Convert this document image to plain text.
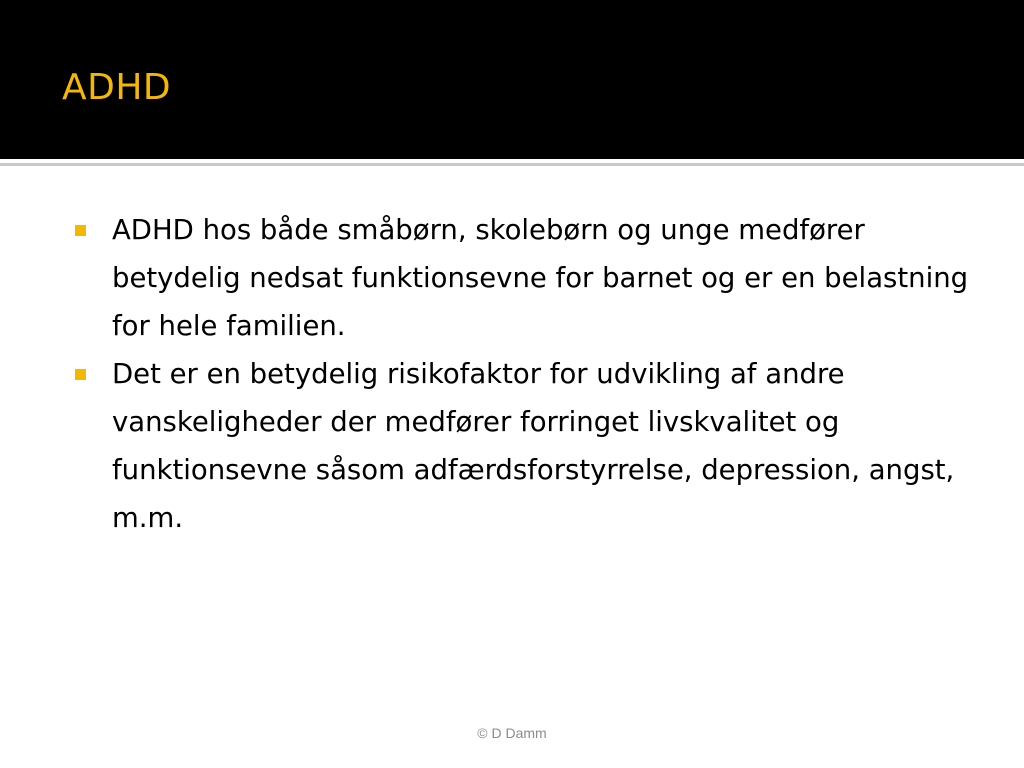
ADHD
ADHD hos både småbørn, skolebørn og unge medfører betydelig nedsat funktionsevne for barnet og er en belastning for hele familien.
Det er en betydelig risikofaktor for udvikling af andre vanskeligheder der medfører forringet livskvalitet og funktionsevne såsom adfærdsforstyrrelse, depression, angst, m.m.
© D Damm
